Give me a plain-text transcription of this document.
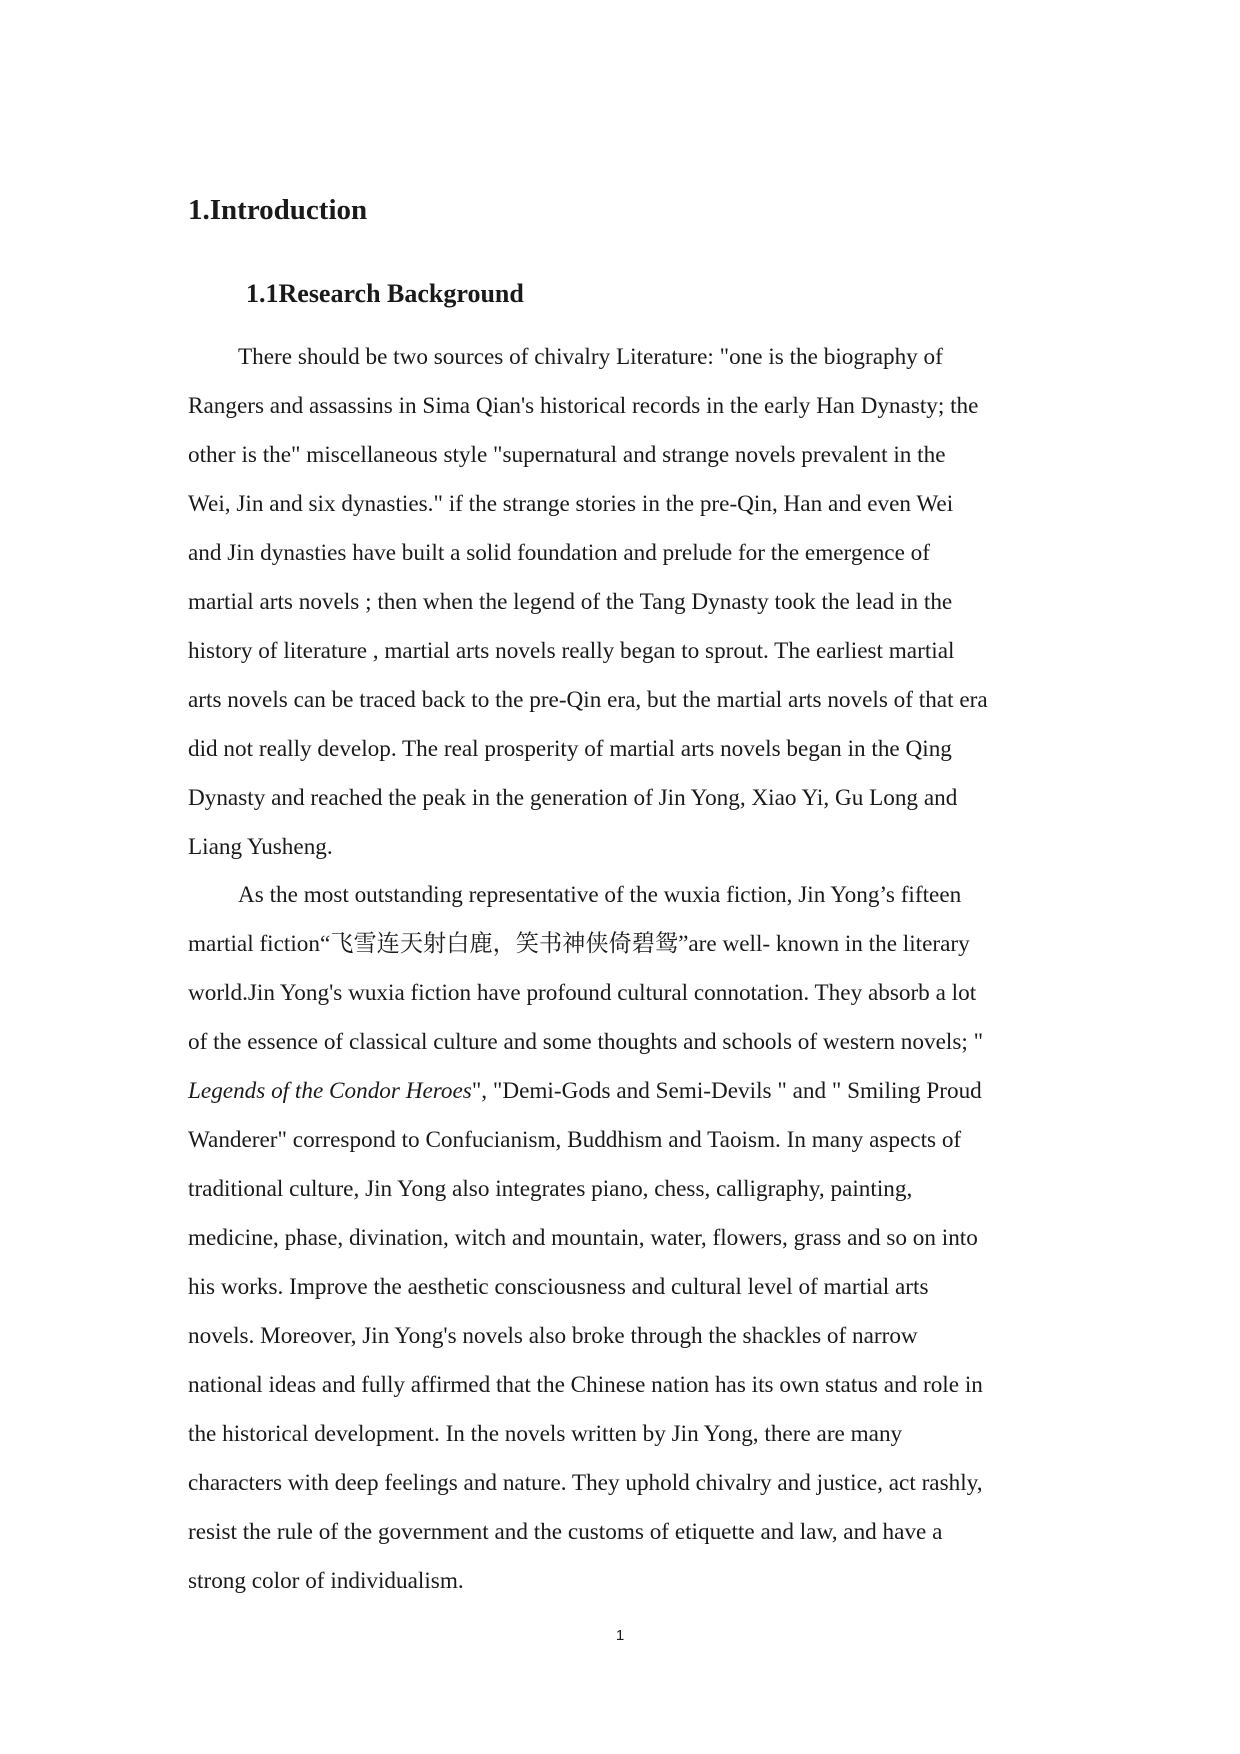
1.Introduction
1.1Research Background
There should be two sources of chivalry Literature: "one is the biography of
Rangers and assassins in Sima Qian's historical records in the early Han Dynasty; the
other is the" miscellaneous style "supernatural and strange novels prevalent in the
Wei, Jin and six dynasties." if the strange stories in the pre-Qin, Han and even Wei
and Jin dynasties have built a solid foundation and prelude for the emergence of
martial arts novels ; then when the legend of the Tang Dynasty took the lead in the
history of literature , martial arts novels really began to sprout. The earliest martial
arts novels can be traced back to the pre-Qin era, but the martial arts novels of that era
did not really develop. The real prosperity of martial arts novels began in the Qing
Dynasty and reached the peak in the generation of Jin Yong, Xiao Yi, Gu Long and
Liang Yusheng.
As the most outstanding representative of the wuxia fiction, Jin Yong’s fifteen
martial fiction“飞雪连天射白鹿，笑书神侠倚碧鸳”are well- known in the literary
world.Jin Yong's wuxia fiction have profound cultural connotation. They absorb a lot
of the essence of classical culture and some thoughts and schools of western novels; "
Legends of the Condor Heroes", "Demi-Gods and Semi-Devils " and " Smiling Proud
Wanderer" correspond to Confucianism, Buddhism and Taoism. In many aspects of
traditional culture, Jin Yong also integrates piano, chess, calligraphy, painting,
medicine, phase, divination, witch and mountain, water, flowers, grass and so on into
his works. Improve the aesthetic consciousness and cultural level of martial arts
novels. Moreover, Jin Yong's novels also broke through the shackles of narrow
national ideas and fully affirmed that the Chinese nation has its own status and role in
the historical development. In the novels written by Jin Yong, there are many
characters with deep feelings and nature. They uphold chivalry and justice, act rashly,
resist the rule of the government and the customs of etiquette and law, and have a
strong color of individualism.
1
